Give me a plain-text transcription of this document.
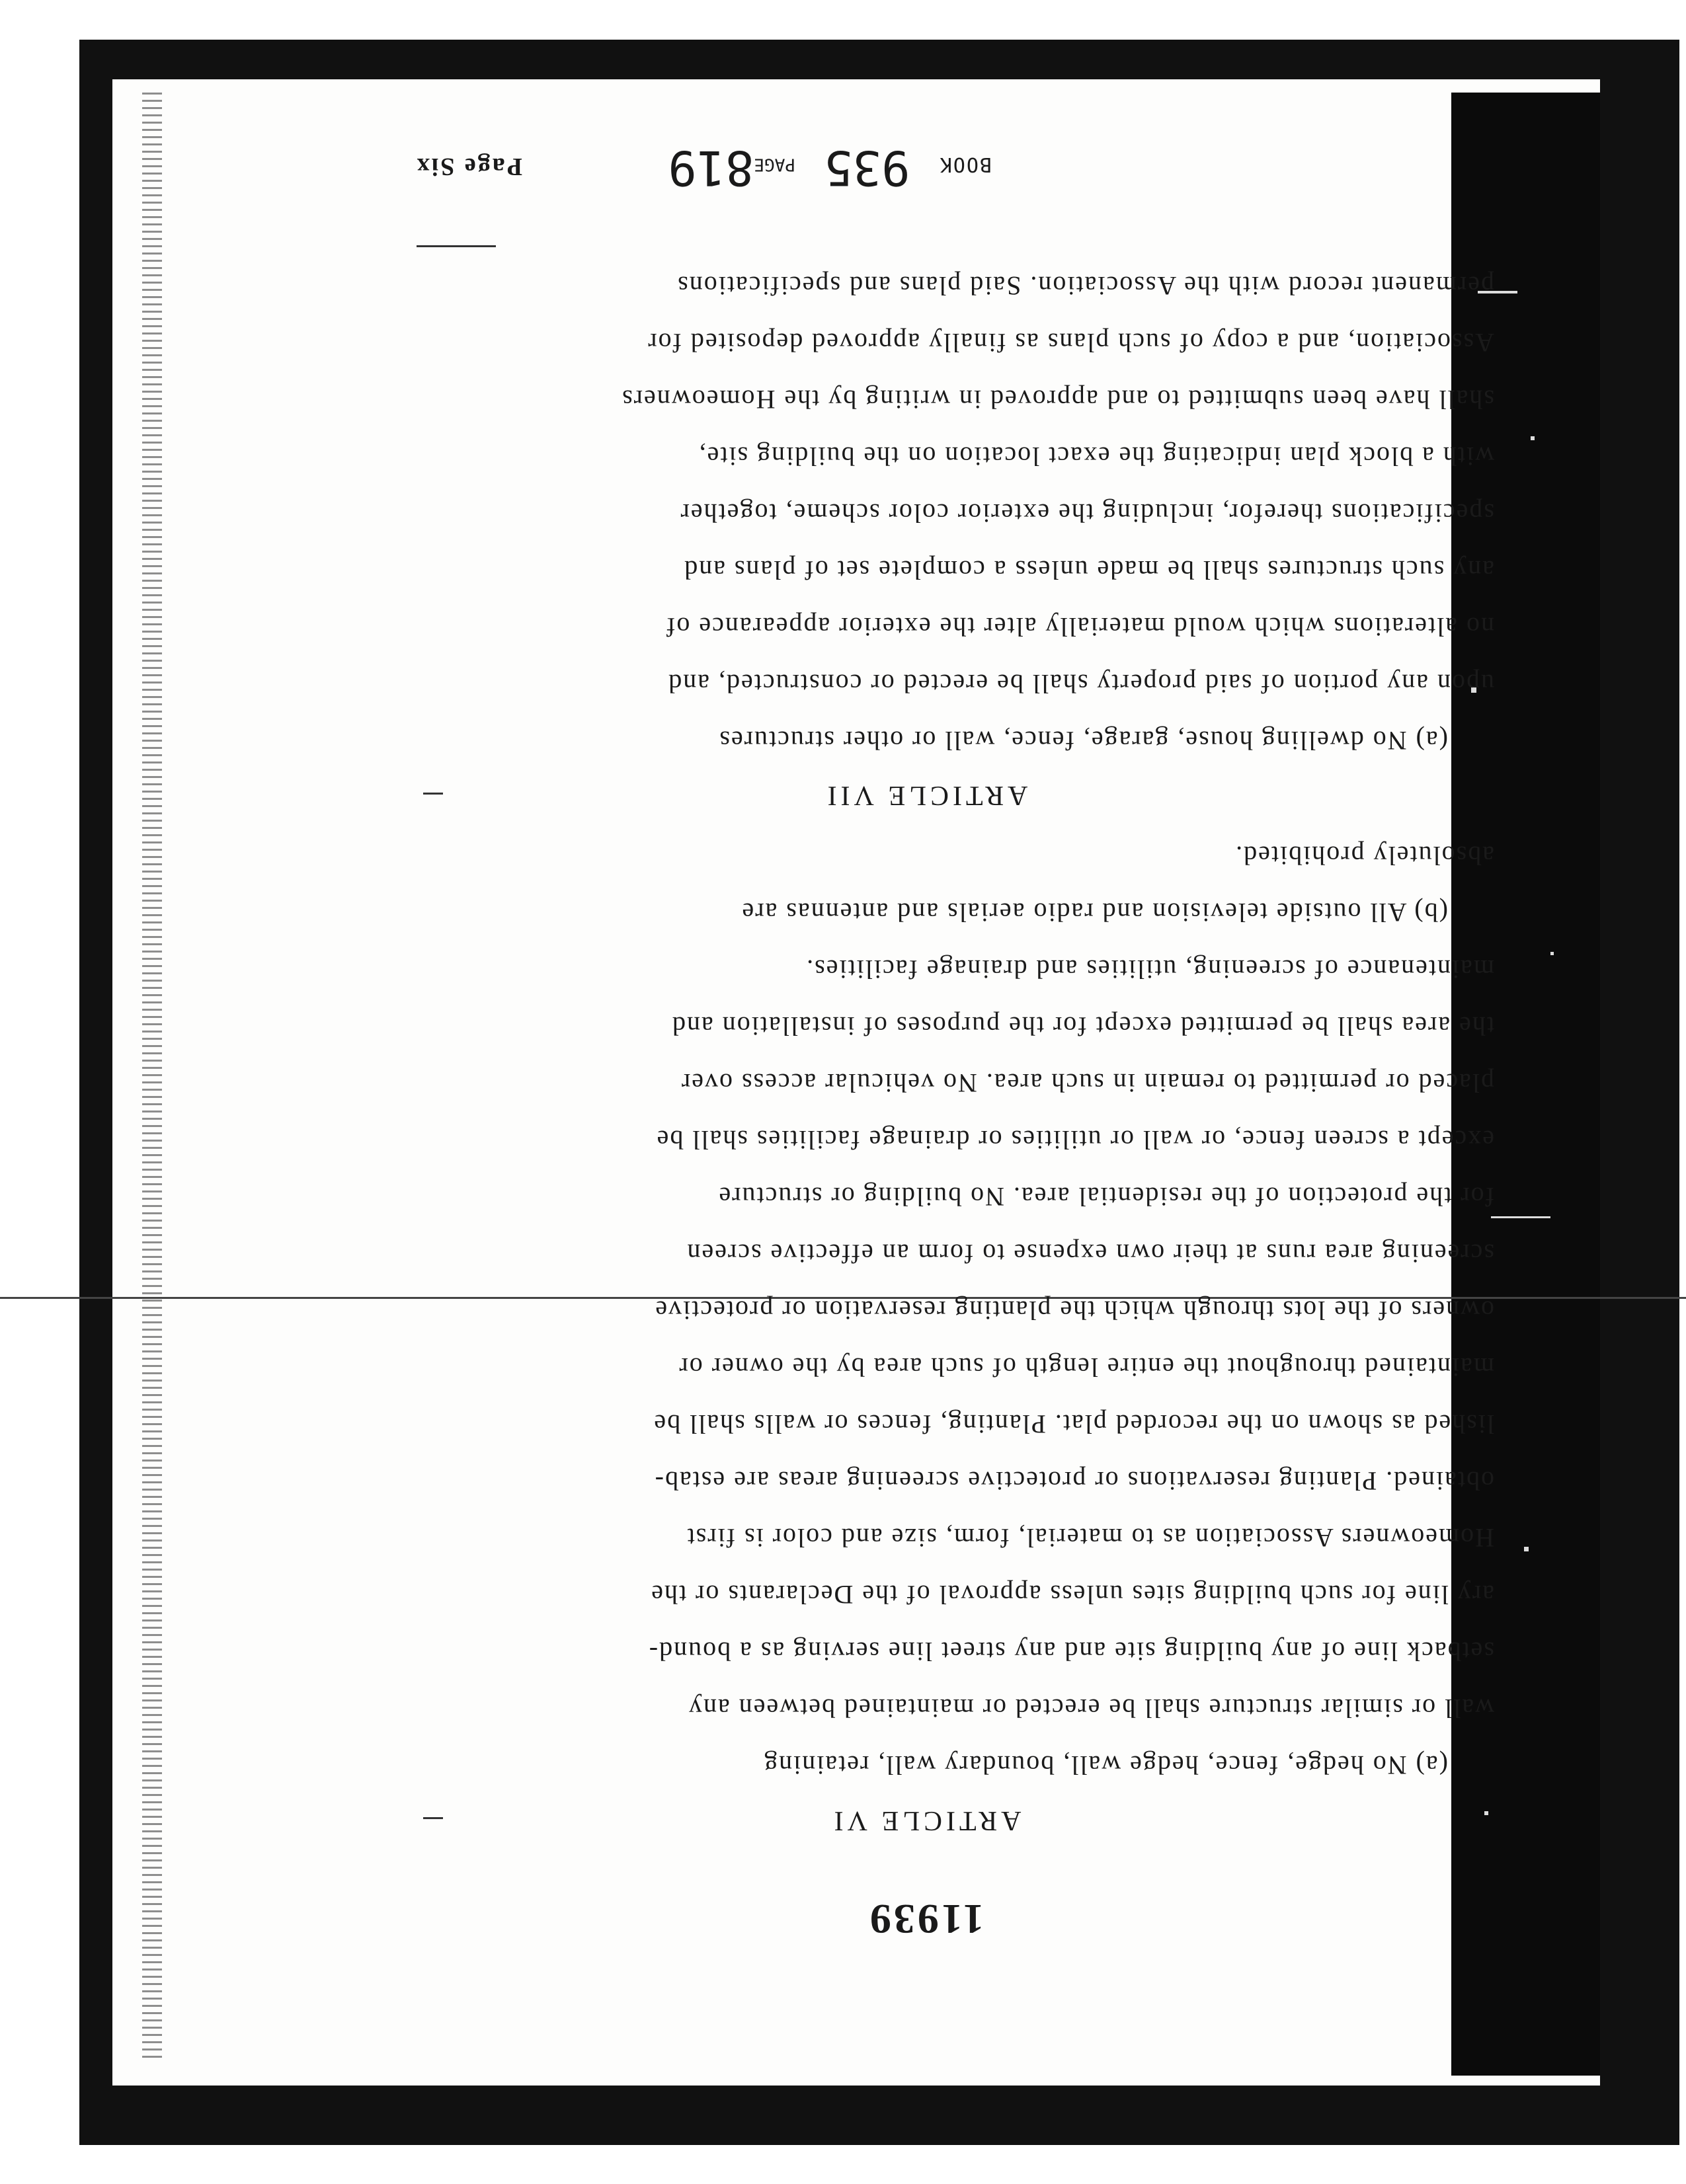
11939
ARTICLE VI
(a) No hedge, fence, hedge wall, boundary wall, retaining
wall or similar structure shall be erected or maintained between any
setback line of any building site and any street line serving as a bound-
ary line for such building sites unless approval of the Declarants or the
Homeowners Association as to material, form, size and color is first
obtained. Planting reservations or protective screening areas are estab-
lished as shown on the recorded plat. Planting, fences or walls shall be
maintained throughout the entire length of such area by the owner or
owners of the lots through which the planting reservation or protective
screening area runs at their own expense to form an effective screen
for the protection of the residential area. No building or structure
except a screen fence, or wall or utilities or drainage facilities shall be
placed or permitted to remain in such area. No vehicular access over
the area shall be permitted except for the purposes of installation and
maintenance of screening, utilities and drainage facilities.
(b) All outside television and radio aerials and antennas are
absolutely prohibited.
ARTICLE VII
(a) No dwelling house, garage, fence, wall or other structures
upon any portion of said property shall be erected or constructed, and
no alterations which would materially alter the exterior appearance of
any such structures shall be made unless a complete set of plans and
specifications therefor, including the exterior color scheme, together
with a block plan indicating the exact location on the building site,
shall have been submitted to and approved in writing by the Homeowners
Association, and a copy of such plans as finally approved deposited for
permanent record with the Association. Said plans and specifications
Page Six	BOOK 935 PAGE819
